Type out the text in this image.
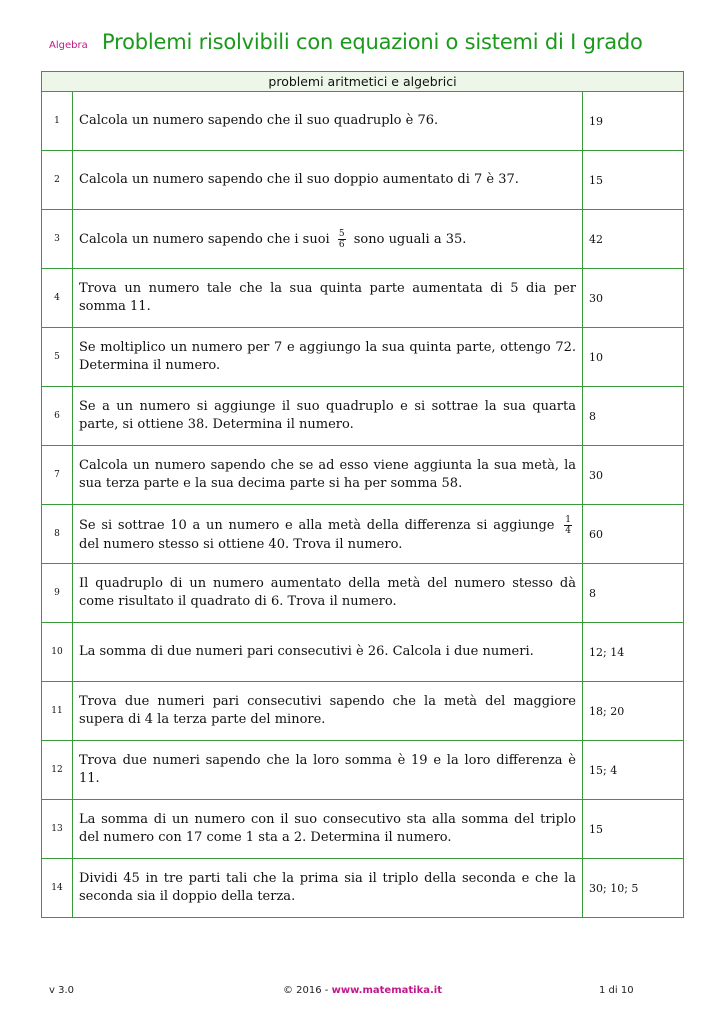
Algebra Problemi risolvibili con equazioni o sistemi di I grado
problemi aritmetici e algebrici		
1	Calcola un numero sapendo che il suo quadruplo è 76.	19
2	Calcola un numero sapendo che il suo doppio aumentato di 7 è 37.	15
3	Calcola un numero sapendo che i suoi $\frac{5}{6}$ sono uguali a 35.	42
4	Trova un numero tale che la sua quinta parte aumentata di 5 dia per somma 11.	30
5	Se moltiplico un numero per 7 e aggiungo la sua quinta parte, ottengo 72. Determina il numero.	10
6	Se a un numero si aggiunge il suo quadruplo e si sottrae la sua quarta parte, si ottiene 38. Determina il numero.	8
7	Calcola un numero sapendo che se ad esso viene aggiunta la sua metà, la sua terza parte e la sua decima parte si ha per somma 58.	30
8	Se si sottrae 10 a un numero e alla metà della differenza si aggiunge $\frac{1}{4}$
del numero stesso si ottiene 40. Trova il numero.	60
9	Il quadruplo di un numero aumentato della metà del numero stesso dà come risultato il quadrato di 6. Trova il numero.	8
10	La somma di due numeri pari consecutivi è 26. Calcola i due numeri.	12; 14
11	Trova due numeri pari consecutivi sapendo che la metà del maggiore supera di 4 la terza parte del minore.	18; 20
12	Trova due numeri sapendo che la loro somma è 19 e la loro differenza è 11.	15; 4
13	La somma di un numero con il suo consecutivo sta alla somma del triplo del numero con 17 come 1 sta a 2. Determina il numero.	15
14	Dividi 45 in tre parti tali che la prima sia il triplo della seconda e che la seconda sia il doppio della terza.	30; 10; 5
v 3.0	© 2016 - www.matematika.it	1 di 10
